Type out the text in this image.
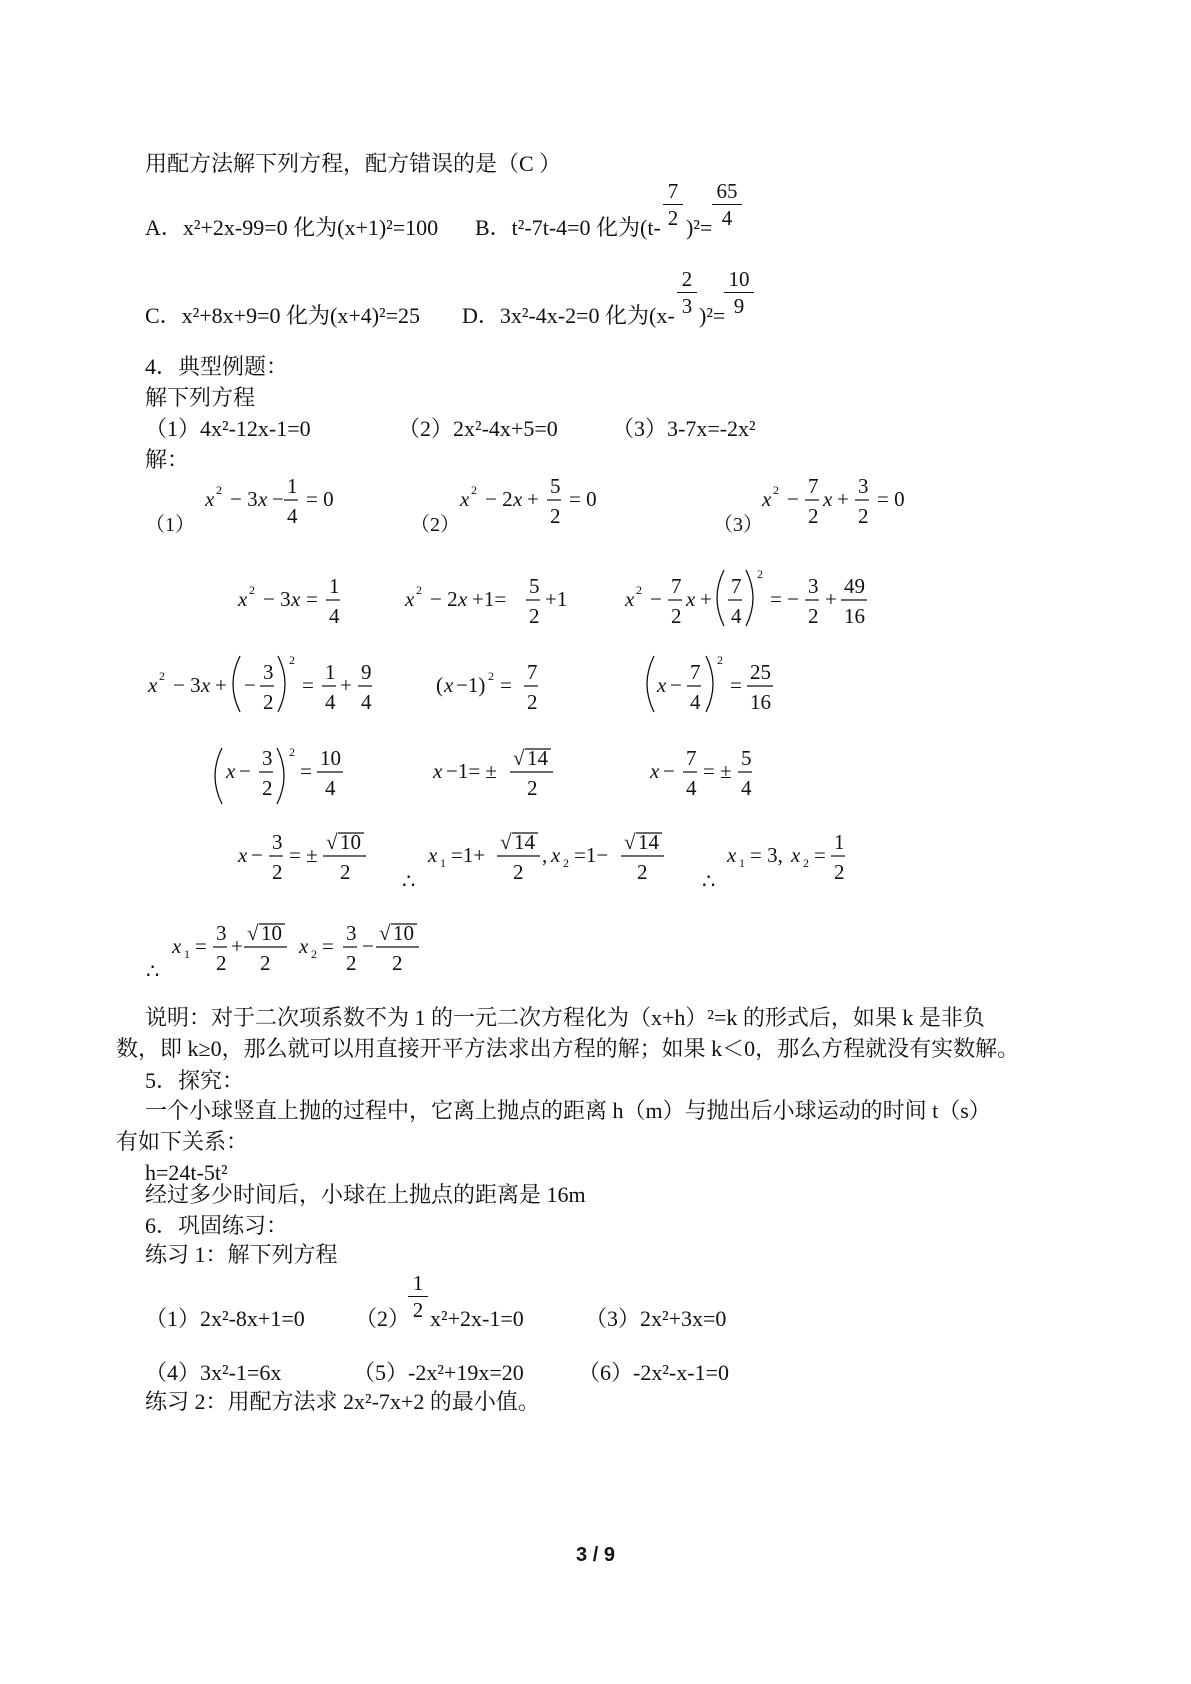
用配方法解下列方程，配方错误的是（C ）
A．x²+2x-99=0 化为(x+1)²=100 B．t²-7t-4=0 化为$(t- \frac{7}{2} )^2= \frac{65}{4}$
C．x²+8x+9=0 化为(x+4)²=25 D．3x²-4x-2=0 化为$(x- \frac{2}{3} )^2=$
$\frac{10}{9}$
4．典型例题：
解下列方程
（1）4x²-12x-1=0	（2）2x²-4x+5=0 （3）3-7x=-2x²
解：
（1）	（2）	（3）
x 2 − 3 x −
1
4
= 0	x 2 − 2 x +
5
2
= 0	x 2 −
7
2
x +
3
2
= 0
x 2 − 3 x =
1
4
x 2 − 2 x +1=
5
2
+1	x 2 −
7
2
x +
7
4
2
= −
3
2
+
49
16
x 2 − 3 x + −
3
2
2
=
1
4
+
9
4
( x −1) 2 =
7
2
x −
7
4
2
=
25
16
x −
3
2
2
=
10
4
x −1= ±
√ 14
2
x −
7
4
= ±
5
4
x −
3
2
= ±
√ 10
2 ∴
x 1 =1+
√ 14
2
, x 2 =1−
√ 14
2	∴
x 1 = 3, x 2 =
1
2
∴
x 1 =
3
2
+
√ 10
2
x 2 =
3
2
−
√ 10
2
说明：对于二次项系数不为 1 的一元二次方程化为（x+h）²=k 的形式后，如果 k 是非负
数，即 k≥0，那么就可以用直接开平方法求出方程的解；如果 k＜0，那么方程就没有实数解。
5．探究：
一个小球竖直上抛的过程中，它离上抛点的距离 h（m）与抛出后小球运动的时间 t（s）
有如下关系：
h=24t-5t²
经过多少时间后，小球在上抛点的距离是 16m
6．巩固练习：
练习 1：解下列方程
（1）2x²-8x+1=0 （2）
$\frac{1}{2} x^2+2x-1=0$	（3）2x²+3x=0
（4）3x²-1=6x	（5）-2x²+19x=20 （6）-2x²-x-1=0
练习 2：用配方法求 2x²-7x+2 的最小值。
3 / 9
